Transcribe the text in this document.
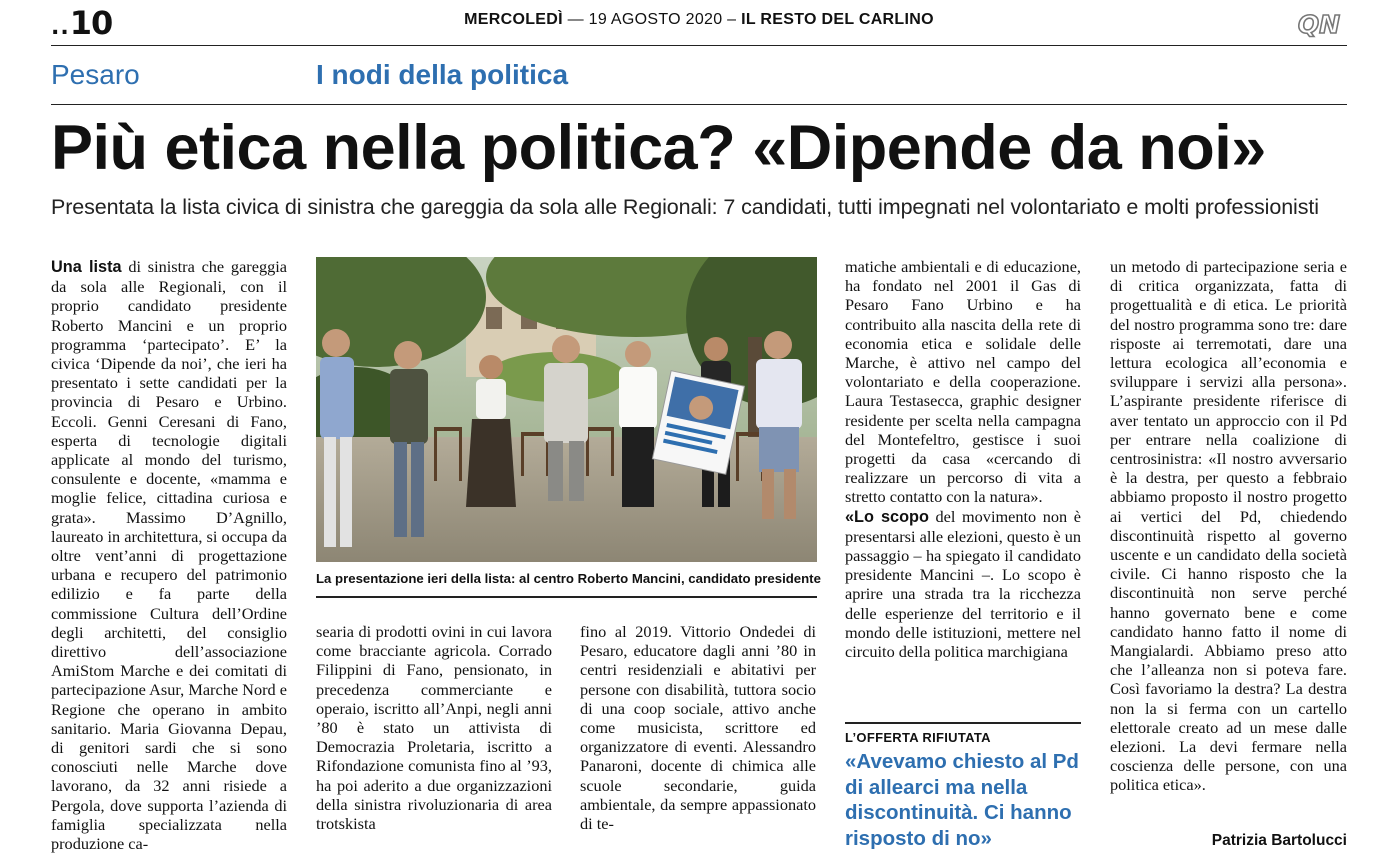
..10	MERCOLEDÌ — 19 AGOSTO 2020 – IL RESTO DEL CARLINO	QN
Pesaro	I nodi della politica
Più etica nella politica? «Dipende da noi»
Presentata la lista civica di sinistra che gareggia da sola alle Regionali: 7 candidati, tutti impegnati nel volontariato e molti professionisti

Una lista di sinistra che gareggia da sola alle Regionali, con il proprio candidato presidente Roberto Mancini e un proprio programma ‘partecipato’. E’ la civica ‘Dipende da noi’, che ieri ha presentato i sette candidati per la provincia di Pesaro e Urbino. Eccoli. Genni Ceresani di Fano, esperta di tecnologie digitali applicate al mondo del turismo, consulente e docente, «mamma e moglie felice, cittadina curiosa e grata». Massimo D’Agnillo, laureato in architettura, si occupa da oltre vent’anni di progettazione urbana e recupero del patrimonio edilizio e fa parte della commissione Cultura dell’Ordine degli architetti, del consiglio direttivo dell’associazione AmiStom Marche e dei comitati di partecipazione Asur, Marche Nord e Regione che operano in ambito sanitario. Maria Giovanna Depau, di genitori sardi che si sono conosciuti nelle Marche dove lavorano, da 32 anni risiede a Pergola, dove supporta l’azienda di famiglia specializzata nella produzione ca-

La presentazione ieri della lista: al centro Roberto Mancini, candidato presidente

searia di prodotti ovini in cui lavora come bracciante agricola. Corrado Filippini di Fano, pensionato, in precedenza commerciante e operaio, iscritto all’Anpi, negli anni ’80 è stato un attivista di Democrazia Proletaria, iscritto a Rifondazione comunista fino al ’93, ha poi aderito a due organizzazioni della sinistra rivoluzionaria di area trotskista

fino al 2019. Vittorio Ondedei di Pesaro, educatore dagli anni ’80 in centri residenziali e abitativi per persone con disabilità, tuttora socio di una coop sociale, attivo anche come musicista, scrittore ed organizzatore di eventi. Alessandro Panaroni, docente di chimica alle scuole secondarie, guida ambientale, da sempre appassionato di te-

matiche ambientali e di educazione, ha fondato nel 2001 il Gas di Pesaro Fano Urbino e ha contribuito alla nascita della rete di economia etica e solidale delle Marche, è attivo nel campo del volontariato e della cooperazione. Laura Testasecca, graphic designer residente per scelta nella campagna del Montefeltro, gestisce i suoi progetti da casa «cercando di realizzare un percorso di vita a stretto contatto con la natura».

«Lo scopo del movimento non è presentarsi alle elezioni, questo è un passaggio – ha spiegato il candidato presidente Mancini –. Lo scopo è aprire una strada tra la ricchezza delle esperienze del territorio e il mondo delle istituzioni, mettere nel circuito della politica marchigiana

L’OFFERTA RIFIUTATA
«Avevamo chiesto al Pd di allearci ma nella discontinuità. Ci hanno risposto di no»

un metodo di partecipazione seria e di critica organizzata, fatta di progettualità e di etica. Le priorità del nostro programma sono tre: dare risposte ai terremotati, dare una lettura ecologica all’economia e sviluppare i servizi alla persona». L’aspirante presidente riferisce di aver tentato un approccio con il Pd per entrare nella coalizione di centrosinistra: «Il nostro avversario è la destra, per questo a febbraio abbiamo proposto il nostro progetto ai vertici del Pd, chiedendo discontinuità rispetto al governo uscente e un candidato della società civile. Ci hanno risposto che la discontinuità non serve perché hanno governato bene e come candidato hanno fatto il nome di Mangialardi. Abbiamo preso atto che l’alleanza non si poteva fare. Così favoriamo la destra? La destra non la si ferma con un cartello elettorale creato ad un mese dalle elezioni. La devi fermare nella coscienza delle persone, con una politica etica».

Patrizia Bartolucci
